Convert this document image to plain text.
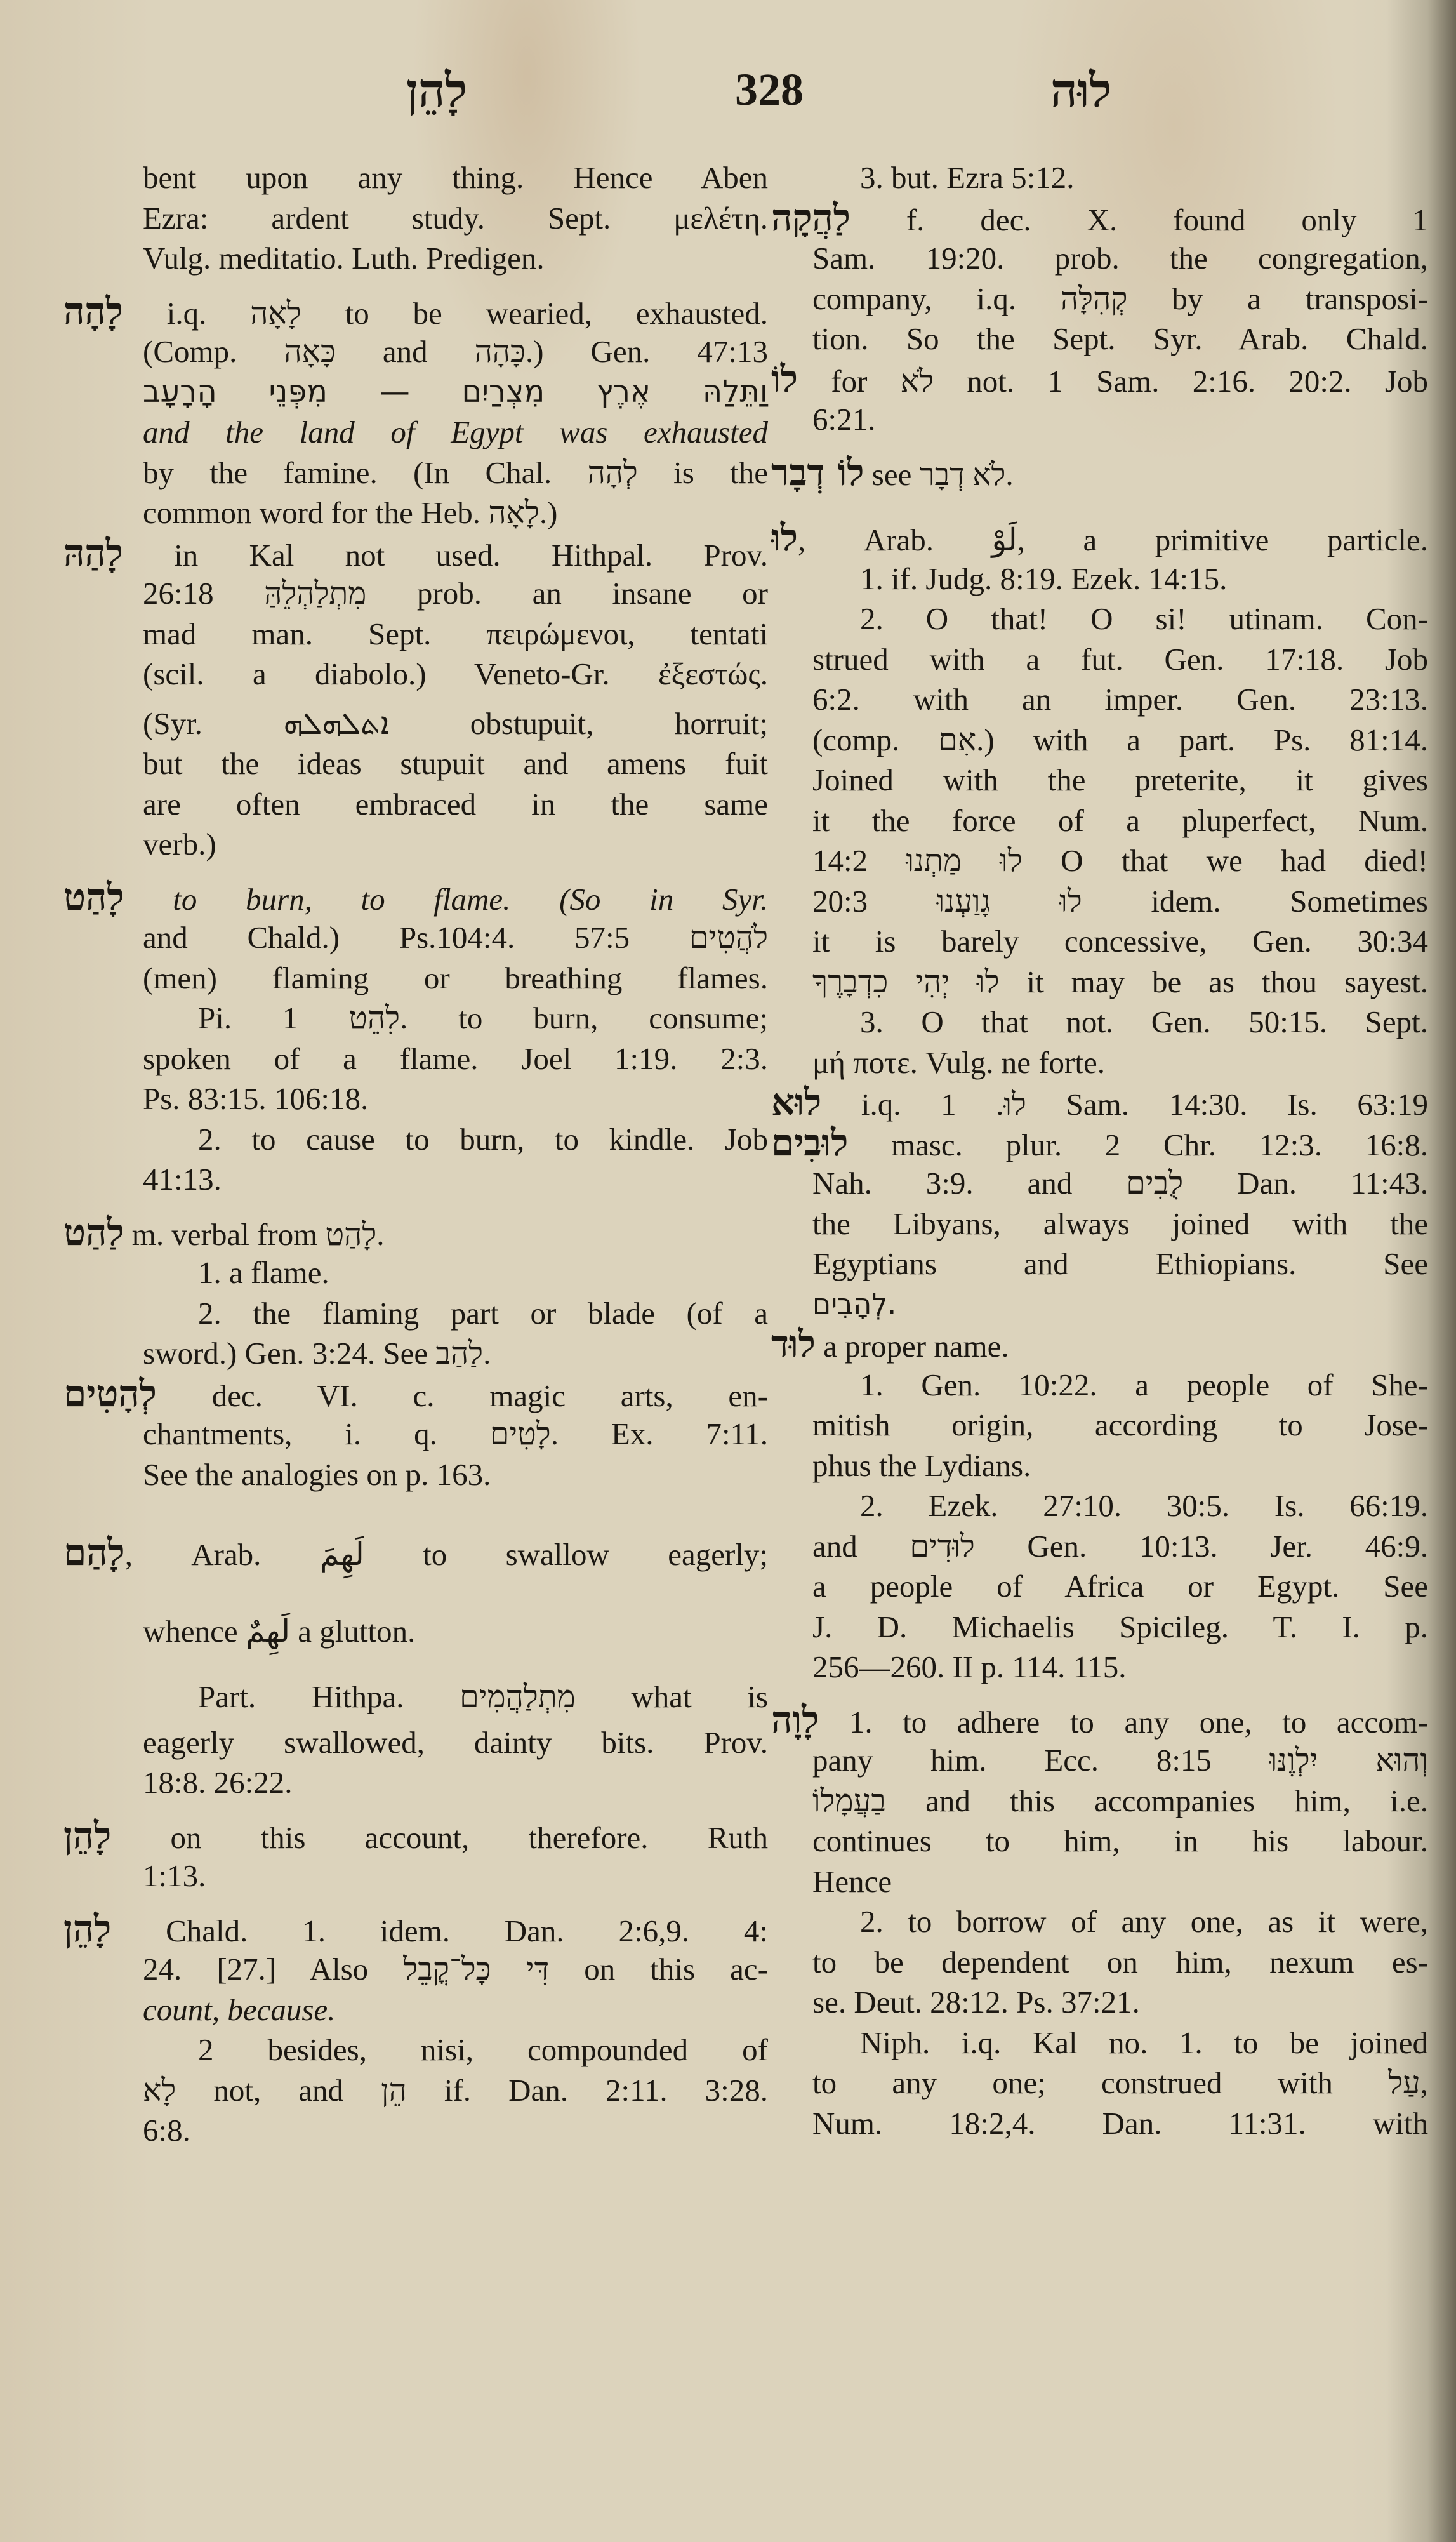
לָהֵן	328	לוּה
bent upon any thing. Hence Aben
Ezra: ardent study. Sept. μελέτη.
Vulg. meditatio. Luth. Predigen.
לָהָה i.q. לָאָה to be wearied, exhausted.
(Comp. כָּאָה and כָּהָה.) Gen. 47:13
וַתֵּלַהּ אֶרֶץ מִצְרַיִם — מִפְּנֵי הָרָעָב
and the land of Egypt was exhausted
by the famine. (In Chal. לְהָה is the
common word for the Heb. לָאָה.)
לָהַהּ in Kal not used. Hithpal. Prov.
26:18 מִתְלַהְלֵהַּ prob. an insane or
mad man. Sept. πειρώμενοι, tentati
(scil. a diabolo.) Veneto-Gr. ἐξεστώς.
(Syr. ܐܬܠܗܠܗ obstupuit, horruit;
but the ideas stupuit and amens fuit
are often embraced in the same
verb.)
לָהַט to burn, to flame. (So in Syr.
and Chald.) Ps.104:4. 57:5 לֹהֲטִים
(men) flaming or breathing flames.
Pi. לִהֵט 1. to burn, consume;
spoken of a flame. Joel 1:19. 2:3.
Ps. 83:15. 106:18.
2. to cause to burn, to kindle. Job
41:13.
לַהַט m. verbal from לָהַט.
1. a flame.
2. the flaming part or blade (of a
sword.) Gen. 3:24. See לַהַב.
לְהָטִים dec. VI. c. magic arts, en-
chantments, i. q. לָטִים. Ex. 7:11.
See the analogies on p. 163.
לָהַם, Arab. لَهِمَ to swallow eagerly;
whence لَهِمٌ a glutton.
Part. Hithpa. מִתְלַהֲמִים what is
eagerly swallowed, dainty bits. Prov.
18:8. 26:22.
לָהֵן on this account, therefore. Ruth
1:13.
לָהֵן Chald. 1. idem. Dan. 2:6,9. 4:
24. [27.] Also דִּי כָּל־קֳבֵל on this ac-
count, because.
2 besides, nisi, compounded of
לָא not, and הֵן if. Dan. 2:11. 3:28.
6:8.
3. but. Ezra 5:12.
לַהֲקָה f. dec. X. found only 1
Sam. 19:20. prob. the congregation,
company, i.q. קְהִלָּה by a transposi-
tion. So the Sept. Syr. Arab. Chald.
לוֹ for לֹא not. 1 Sam. 2:16. 20:2. Job
6:21.
לוֹ דְבָר see לֹא דְבָר.
לוּ, Arab. لَوْ, a primitive particle.
1. if. Judg. 8:19. Ezek. 14:15.
2. O that! O si! utinam. Con-
strued with a fut. Gen. 17:18. Job
6:2. with an imper. Gen. 23:13.
(comp. אִם.) with a part. Ps. 81:14.
Joined with the preterite, it gives
it the force of a pluperfect, Num.
14:2 לוּ מַתְנוּ O that we had died!
20:3 לוּ גָוַעְנוּ idem. Sometimes
it is barely concessive, Gen. 30:34
לוּ יְהִי כִדְבָרֶךָ it may be as thou sayest.
3. O that not. Gen. 50:15. Sept.
μή ποτε. Vulg. ne forte.
לוּא i.q. לוּ. 1 Sam. 14:30. Is. 63:19
לוּבִים masc. plur. 2 Chr. 12:3. 16:8.
Nah. 3:9. and לֻבִים Dan. 11:43.
the Libyans, always joined with the
Egyptians and Ethiopians. See
לְהָבִים.
לוּד a proper name.
1. Gen. 10:22. a people of She-
mitish origin, according to Jose-
phus the Lydians.
2. Ezek. 27:10. 30:5. Is. 66:19.
and לוּדִים Gen. 10:13. Jer. 46:9.
a people of Africa or Egypt. See
J. D. Michaelis Spicileg. T. I. p.
256—260. II p. 114. 115.
לָוָה 1. to adhere to any one, to accom-
pany him. Ecc. 8:15 וְהוּא יִלְוֶנּוּ
בַעֲמָלוֹ and this accompanies him, i.e.
continues to him, in his labour.
Hence
2. to borrow of any one, as it were,
to be dependent on him, nexum es-
se. Deut. 28:12. Ps. 37:21.
Niph. i.q. Kal no. 1. to be joined
to any one; construed with עַל,
Num. 18:2,4. Dan. 11:31. with
